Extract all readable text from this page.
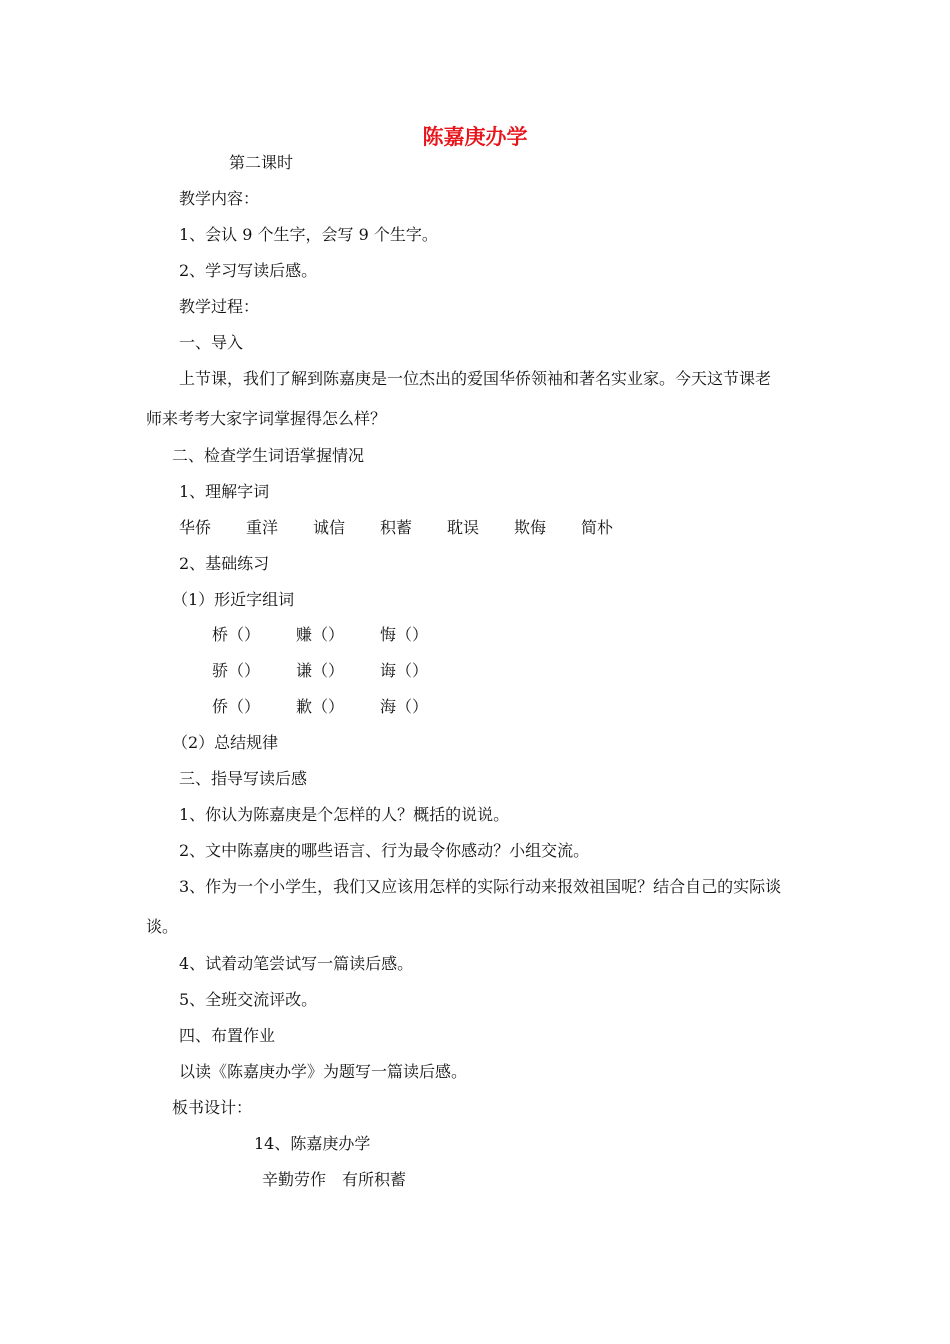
陈嘉庚办学
第二课时
教学内容：
1、会认 9 个生字，会写 9 个生字。
2、学习写读后感。
教学过程：
一、导入
上节课，我们了解到陈嘉庚是一位杰出的爱国华侨领袖和著名实业家。今天这节课老
师来考考大家字词掌握得怎么样？
二、检查学生词语掌握情况
1、理解字词
华侨 重洋 诚信 积蓄 耽误 欺侮 简朴
2、基础练习
（1）形近字组词
桥（） 赚（） 悔（）
骄（） 谦（） 诲（）
侨（） 歉（） 海（）
（2）总结规律
三、指导写读后感
1、你认为陈嘉庚是个怎样的人？概括的说说。
2、文中陈嘉庚的哪些语言、行为最令你感动？小组交流。
3、作为一个小学生，我们又应该用怎样的实际行动来报效祖国呢？结合自己的实际谈
谈。
4、试着动笔尝试写一篇读后感。
5、全班交流评改。
四、布置作业
以读《陈嘉庚办学》为题写一篇读后感。
板书设计：
14、陈嘉庚办学
辛勤劳作　有所积蓄
